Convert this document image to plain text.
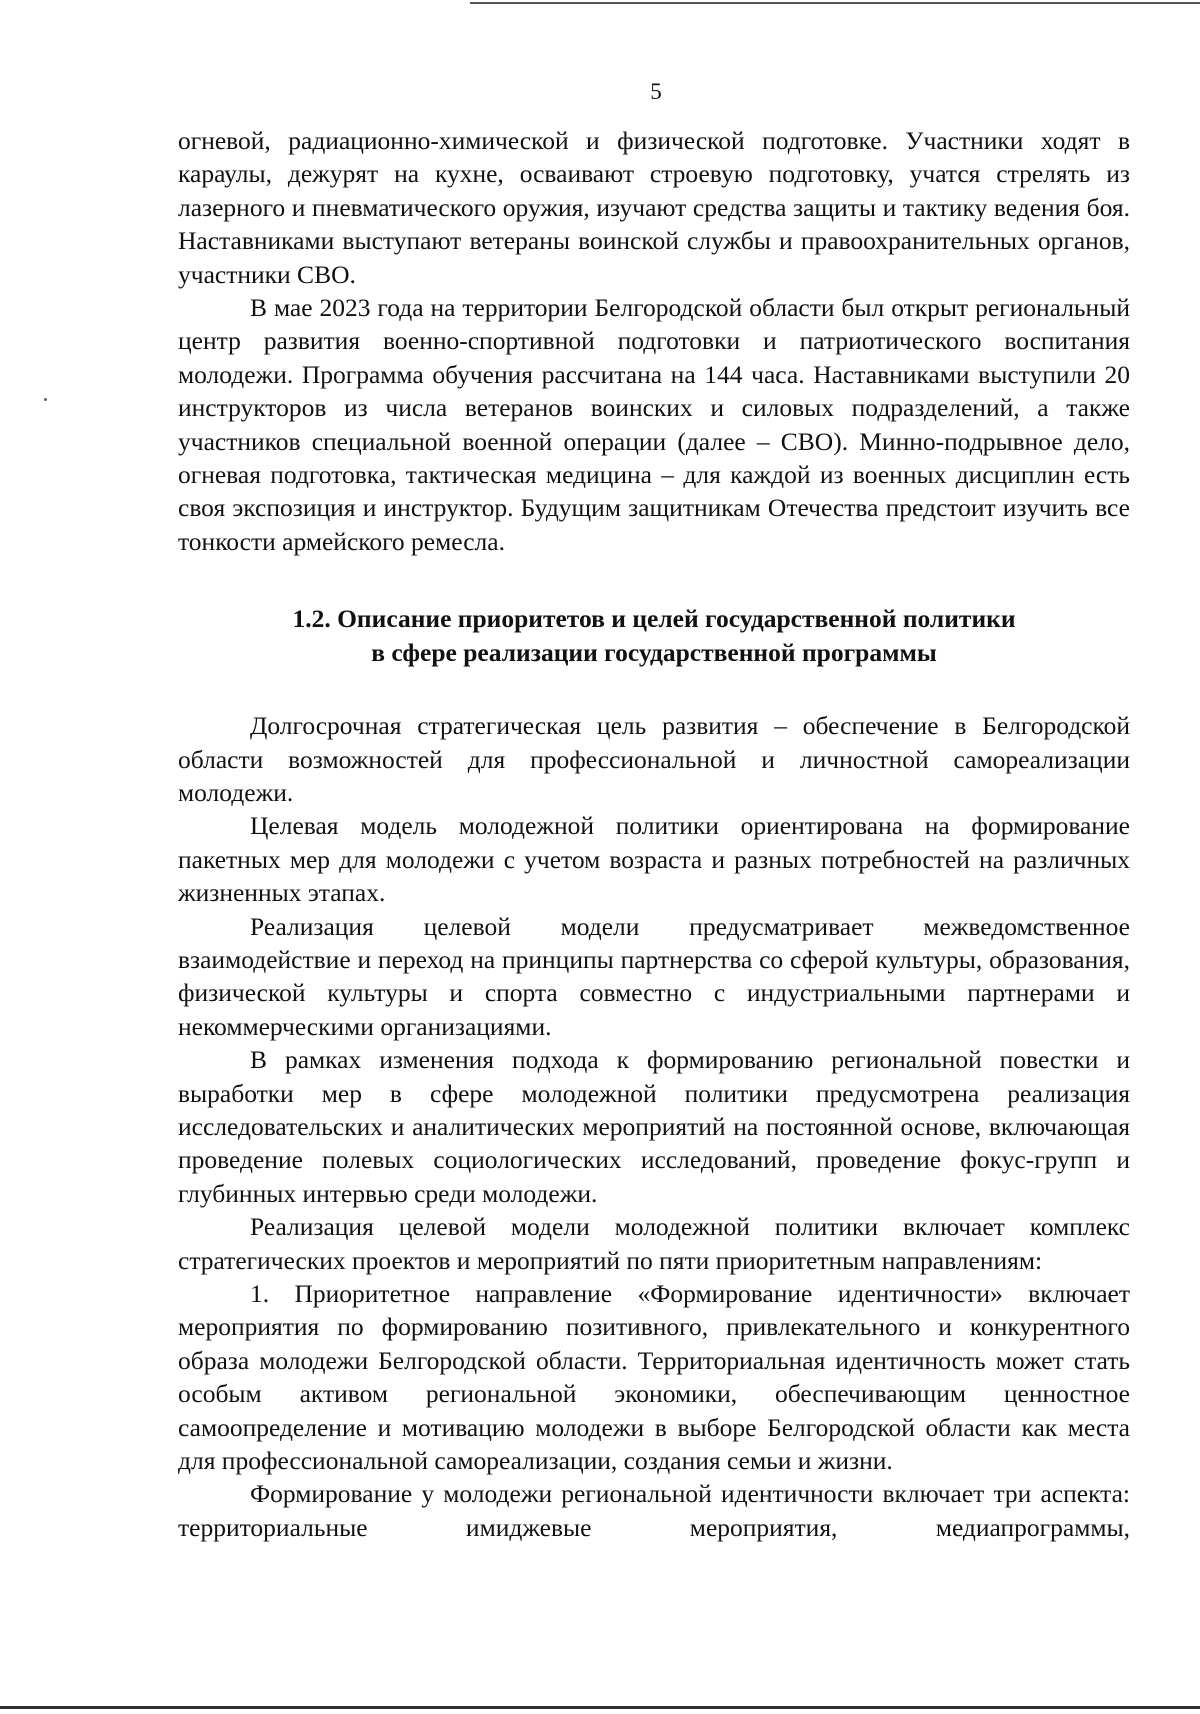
5

огневой, радиационно-химической и физической подготовке. Участники ходят в караулы, дежурят на кухне, осваивают строевую подготовку, учатся стрелять из лазерного и пневматического оружия, изучают средства защиты и тактику ведения боя. Наставниками выступают ветераны воинской службы и правоохранительных органов, участники СВО.

В мае 2023 года на территории Белгородской области был открыт региональный центр развития военно-спортивной подготовки и патриотического воспитания молодежи. Программа обучения рассчитана на 144 часа. Наставниками выступили 20 инструкторов из числа ветеранов воинских и силовых подразделений, а также участников специальной военной операции (далее – СВО). Минно-подрывное дело, огневая подготовка, тактическая медицина – для каждой из военных дисциплин есть своя экспозиция и инструктор. Будущим защитникам Отечества предстоит изучить все тонкости армейского ремесла.

1.2. Описание приоритетов и целей государственной политики
в сфере реализации государственной программы

Долгосрочная стратегическая цель развития – обеспечение в Белгородской области возможностей для профессиональной и личностной самореализации молодежи.

Целевая модель молодежной политики ориентирована на формирование пакетных мер для молодежи с учетом возраста и разных потребностей на различных жизненных этапах.

Реализация целевой модели предусматривает межведомственное взаимодействие и переход на принципы партнерства со сферой культуры, образования, физической культуры и спорта совместно с индустриальными партнерами и некоммерческими организациями.

В рамках изменения подхода к формированию региональной повестки и выработки мер в сфере молодежной политики предусмотрена реализация исследовательских и аналитических мероприятий на постоянной основе, включающая проведение полевых социологических исследований, проведение фокус-групп и глубинных интервью среди молодежи.

Реализация целевой модели молодежной политики включает комплекс стратегических проектов и мероприятий по пяти приоритетным направлениям:

1. Приоритетное направление «Формирование идентичности» включает мероприятия по формированию позитивного, привлекательного и конкурентного образа молодежи Белгородской области. Территориальная идентичность может стать особым активом региональной экономики, обеспечивающим ценностное самоопределение и мотивацию молодежи в выборе Белгородской области как места для профессиональной самореализации, создания семьи и жизни.

Формирование у молодежи региональной идентичности включает три аспекта: территориальные имиджевые мероприятия, медиапрограммы,
